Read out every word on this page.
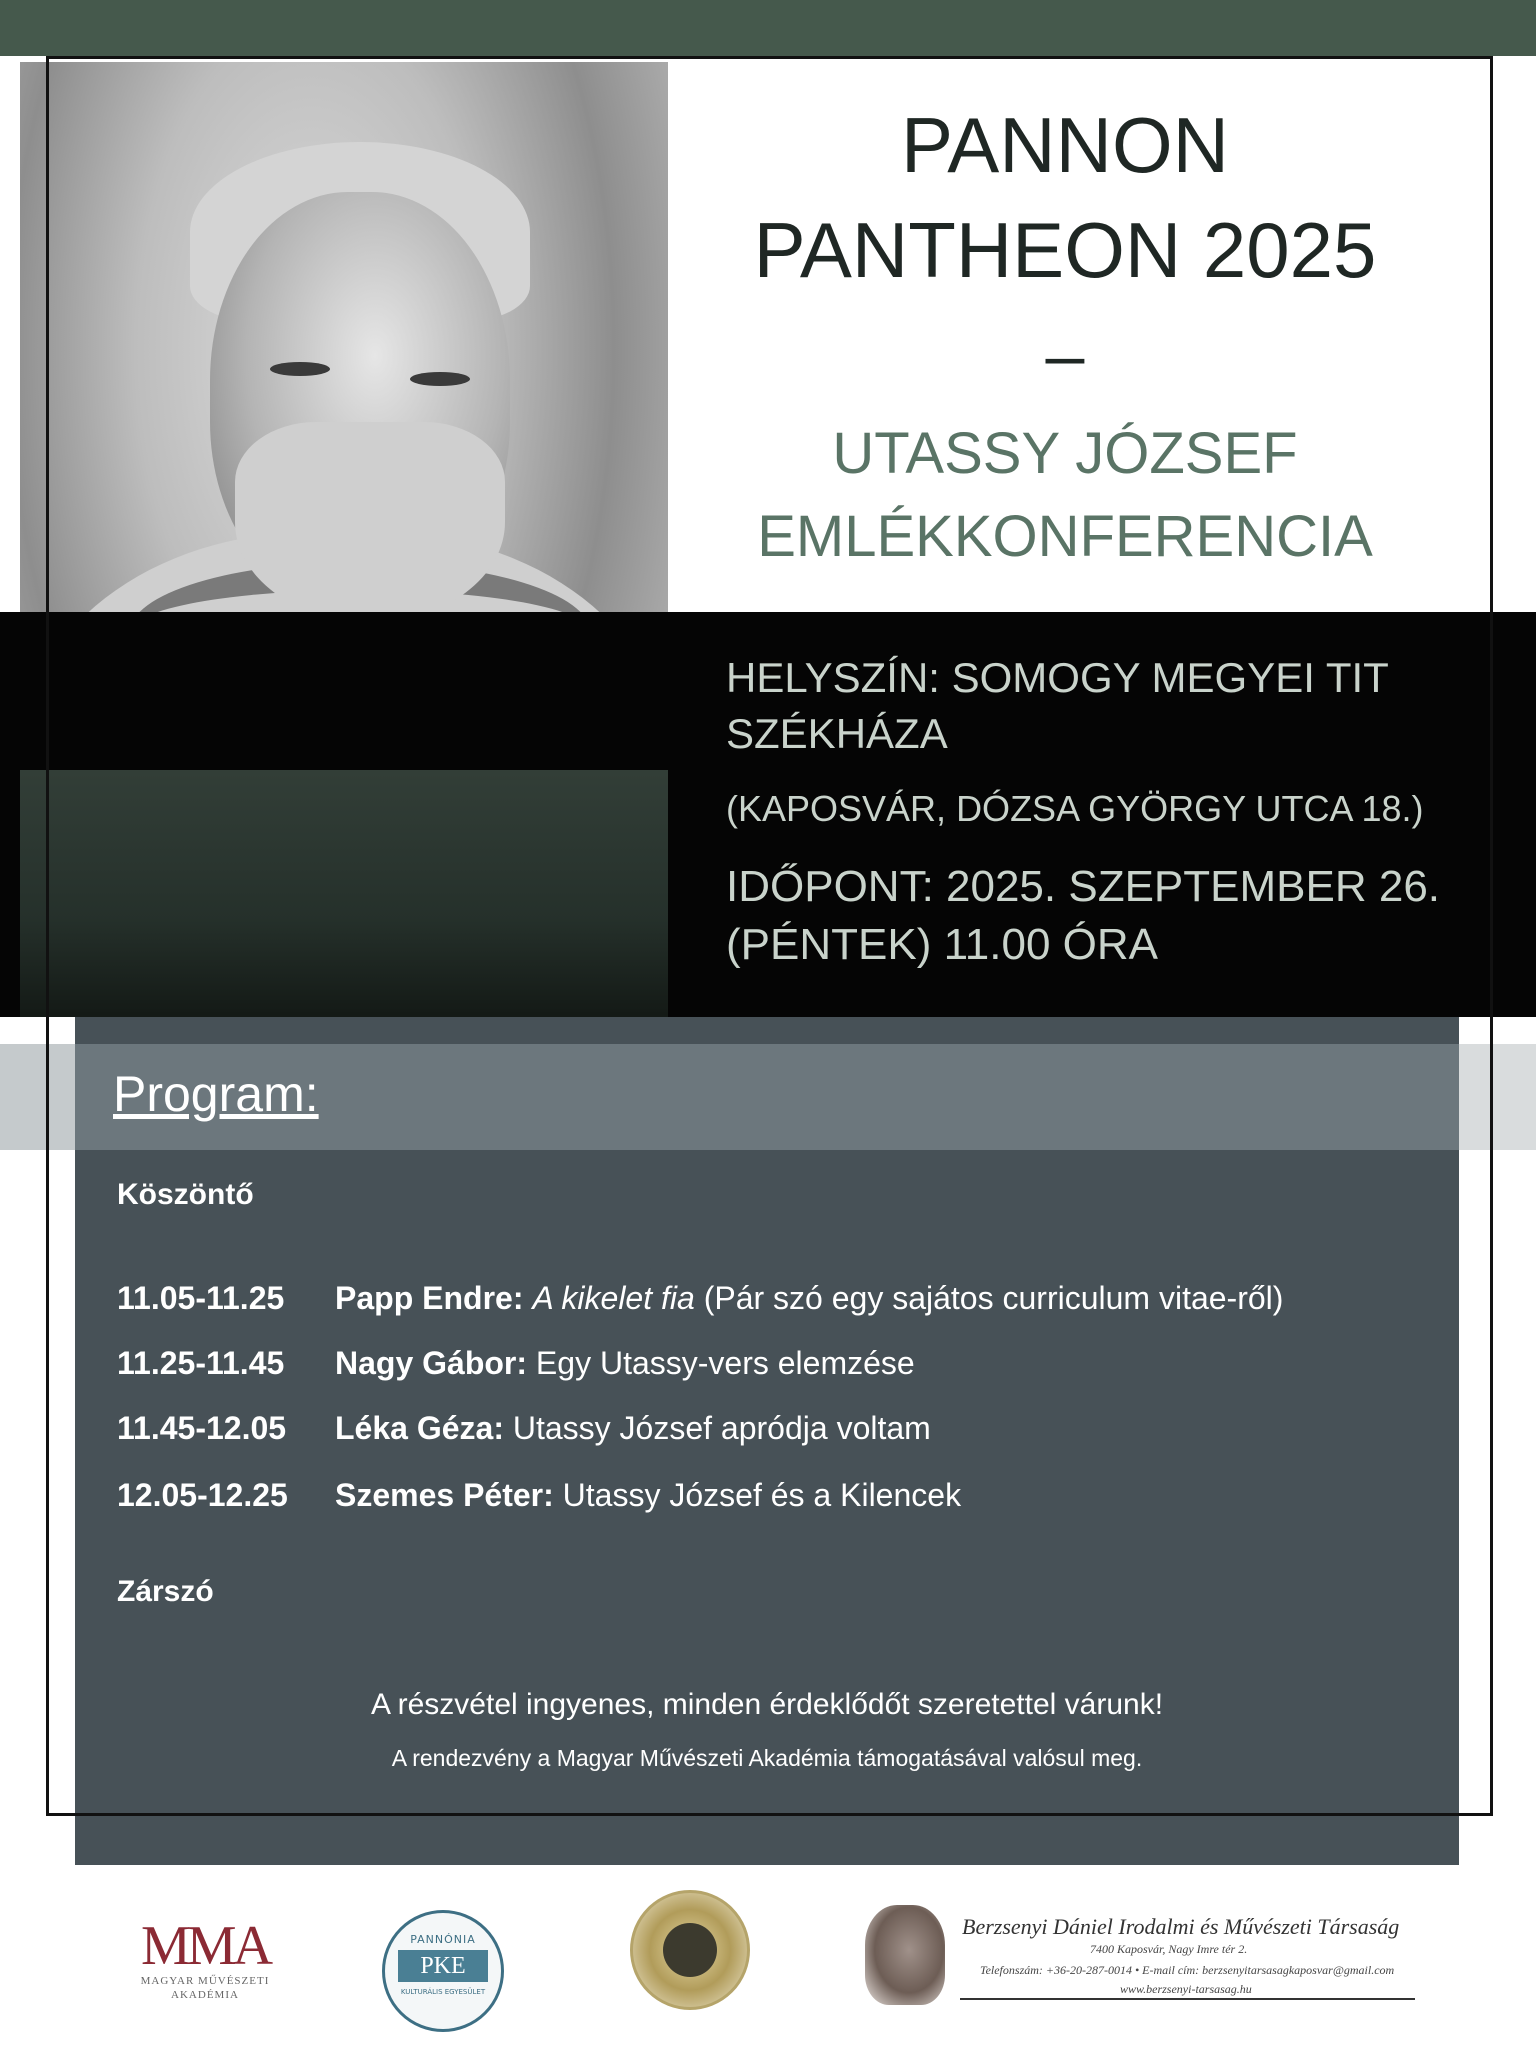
PANNON
PANTHEON 2025
–
UTASSY JÓZSEF
EMLÉKKONFERENCIA
HELYSZÍN: SOMOGY MEGYEI TIT
SZÉKHÁZA
(KAPOSVÁR, DÓZSA GYÖRGY UTCA 18.)
IDŐPONT: 2025. SZEPTEMBER 26.
(PÉNTEK) 11.00 ÓRA
Program:
Köszöntő
11.05-11.25 Papp Endre: A kikelet fia (Pár szó egy sajátos curriculum vitae-ről)
11.25-11.45 Nagy Gábor: Egy Utassy-vers elemzése
11.45-12.05 Léka Géza: Utassy József apródja voltam
12.05-12.25 Szemes Péter: Utassy József és a Kilencek
Zárszó
A részvétel ingyenes, minden érdeklődőt szeretettel várunk!
A rendezvény a Magyar Művészeti Akadémia támogatásával valósul meg.
MMA
MAGYAR MŰVÉSZETI
AKADÉMIA
PANNÓNIA
PKE
KULTURÁLIS EGYESÜLET
Berzsenyi Dániel Irodalmi és Művészeti Társaság
7400 Kaposvár, Nagy Imre tér 2.
Telefonszám: +36-20-287-0014 • E-mail cím: berzsenyitarsasagkaposvar@gmail.com
www.berzsenyi-tarsasag.hu
